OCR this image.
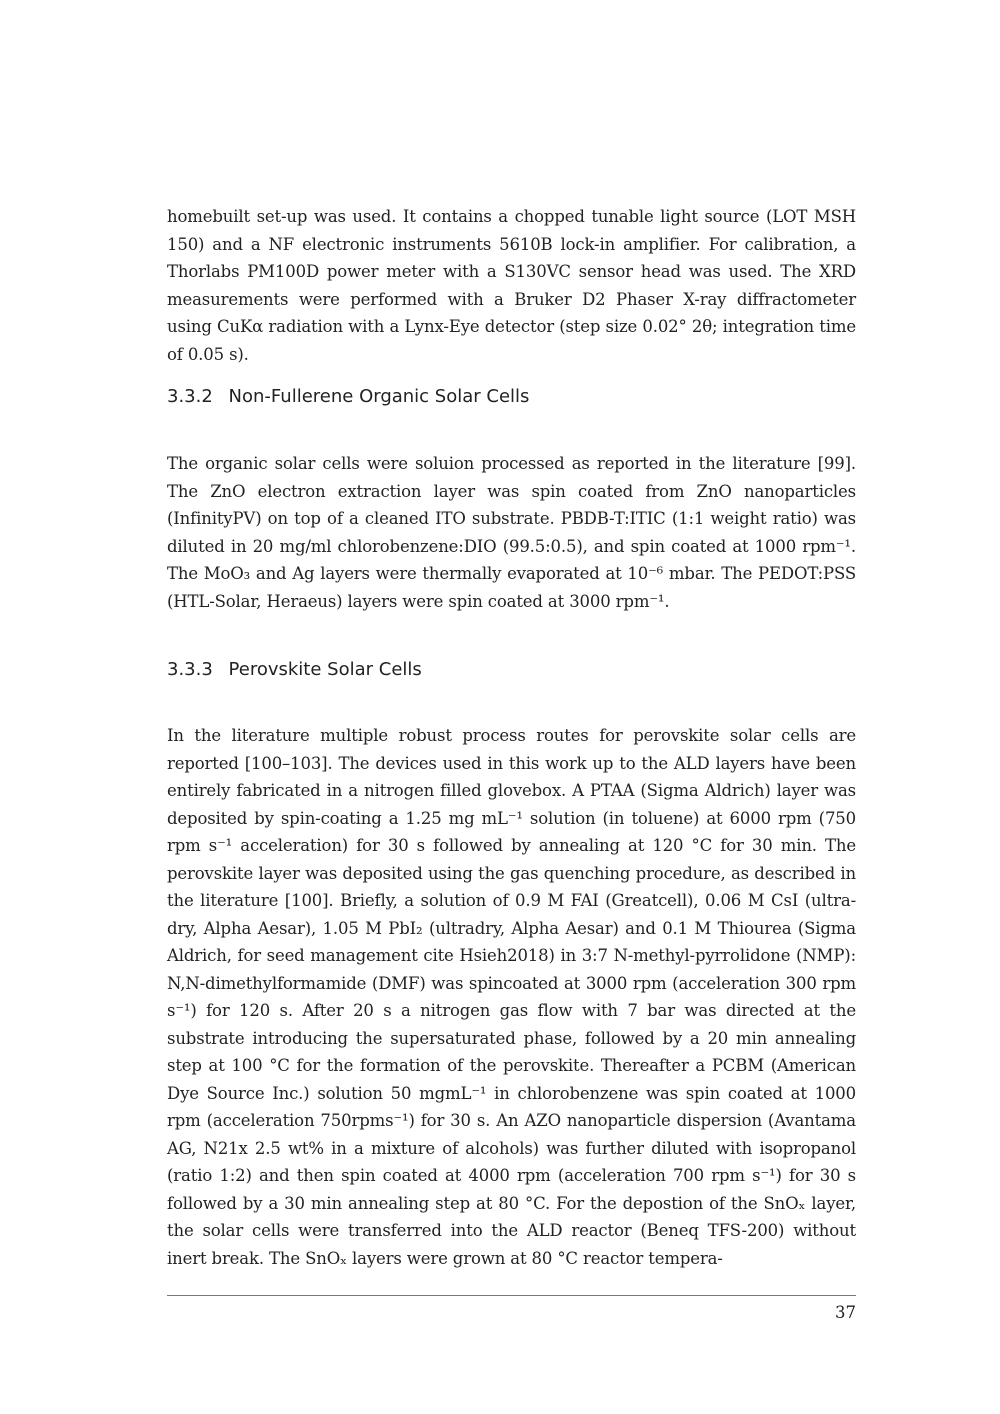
homebuilt set-up was used. It contains a chopped tunable light source (LOT MSH 150) and a NF electronic instruments 5610B lock-in amplifier. For calibration, a Thorlabs PM100D power meter with a S130VC sensor head was used. The XRD measurements were performed with a Bruker D2 Phaser X-ray diffractometer using CuKα radiation with a Lynx-Eye detector (step size 0.02° 2θ; integration time of 0.05 s).

3.3.2 Non-Fullerene Organic Solar Cells

The organic solar cells were soluion processed as reported in the literature [99]. The ZnO electron extraction layer was spin coated from ZnO nanoparticles (InfinityPV) on top of a cleaned ITO substrate. PBDB-T:ITIC (1:1 weight ratio) was diluted in 20 mg/ml chlorobenzene:DIO (99.5:0.5), and spin coated at 1000 rpm⁻¹. The MoO₃ and Ag layers were thermally evaporated at 10⁻⁶ mbar. The PEDOT:PSS (HTL-Solar, Heraeus) layers were spin coated at 3000 rpm⁻¹.

3.3.3 Perovskite Solar Cells

In the literature multiple robust process routes for perovskite solar cells are reported [100–103]. The devices used in this work up to the ALD layers have been entirely fabricated in a nitrogen filled glovebox. A PTAA (Sigma Aldrich) layer was deposited by spin-coating a 1.25 mg mL⁻¹ solution (in toluene) at 6000 rpm (750 rpm s⁻¹ acceleration) for 30 s followed by annealing at 120 °C for 30 min. The perovskite layer was deposited using the gas quenching procedure, as described in the literature [100]. Briefly, a solution of 0.9 M FAI (Greatcell), 0.06 M CsI (ultra-dry, Alpha Aesar), 1.05 M PbI₂ (ultradry, Alpha Aesar) and 0.1 M Thiourea (Sigma Aldrich, for seed management cite Hsieh2018) in 3:7 N-methyl-pyrrolidone (NMP): N,N-dimethylformamide (DMF) was spincoated at 3000 rpm (acceleration 300 rpm s⁻¹) for 120 s. After 20 s a nitrogen gas flow with 7 bar was directed at the substrate introducing the supersaturated phase, followed by a 20 min annealing step at 100 °C for the formation of the perovskite. Thereafter a PCBM (American Dye Source Inc.) solution 50 mgmL⁻¹ in chlorobenzene was spin coated at 1000 rpm (acceleration 750rpms⁻¹) for 30 s. An AZO nanoparticle dispersion (Avantama AG, N21x 2.5 wt% in a mixture of alcohols) was further diluted with isopropanol (ratio 1:2) and then spin coated at 4000 rpm (acceleration 700 rpm s⁻¹) for 30 s followed by a 30 min annealing step at 80 °C. For the depostion of the SnOₓ layer, the solar cells were transferred into the ALD reactor (Beneq TFS-200) without inert break. The SnOₓ layers were grown at 80 °C reactor tempera-

37
